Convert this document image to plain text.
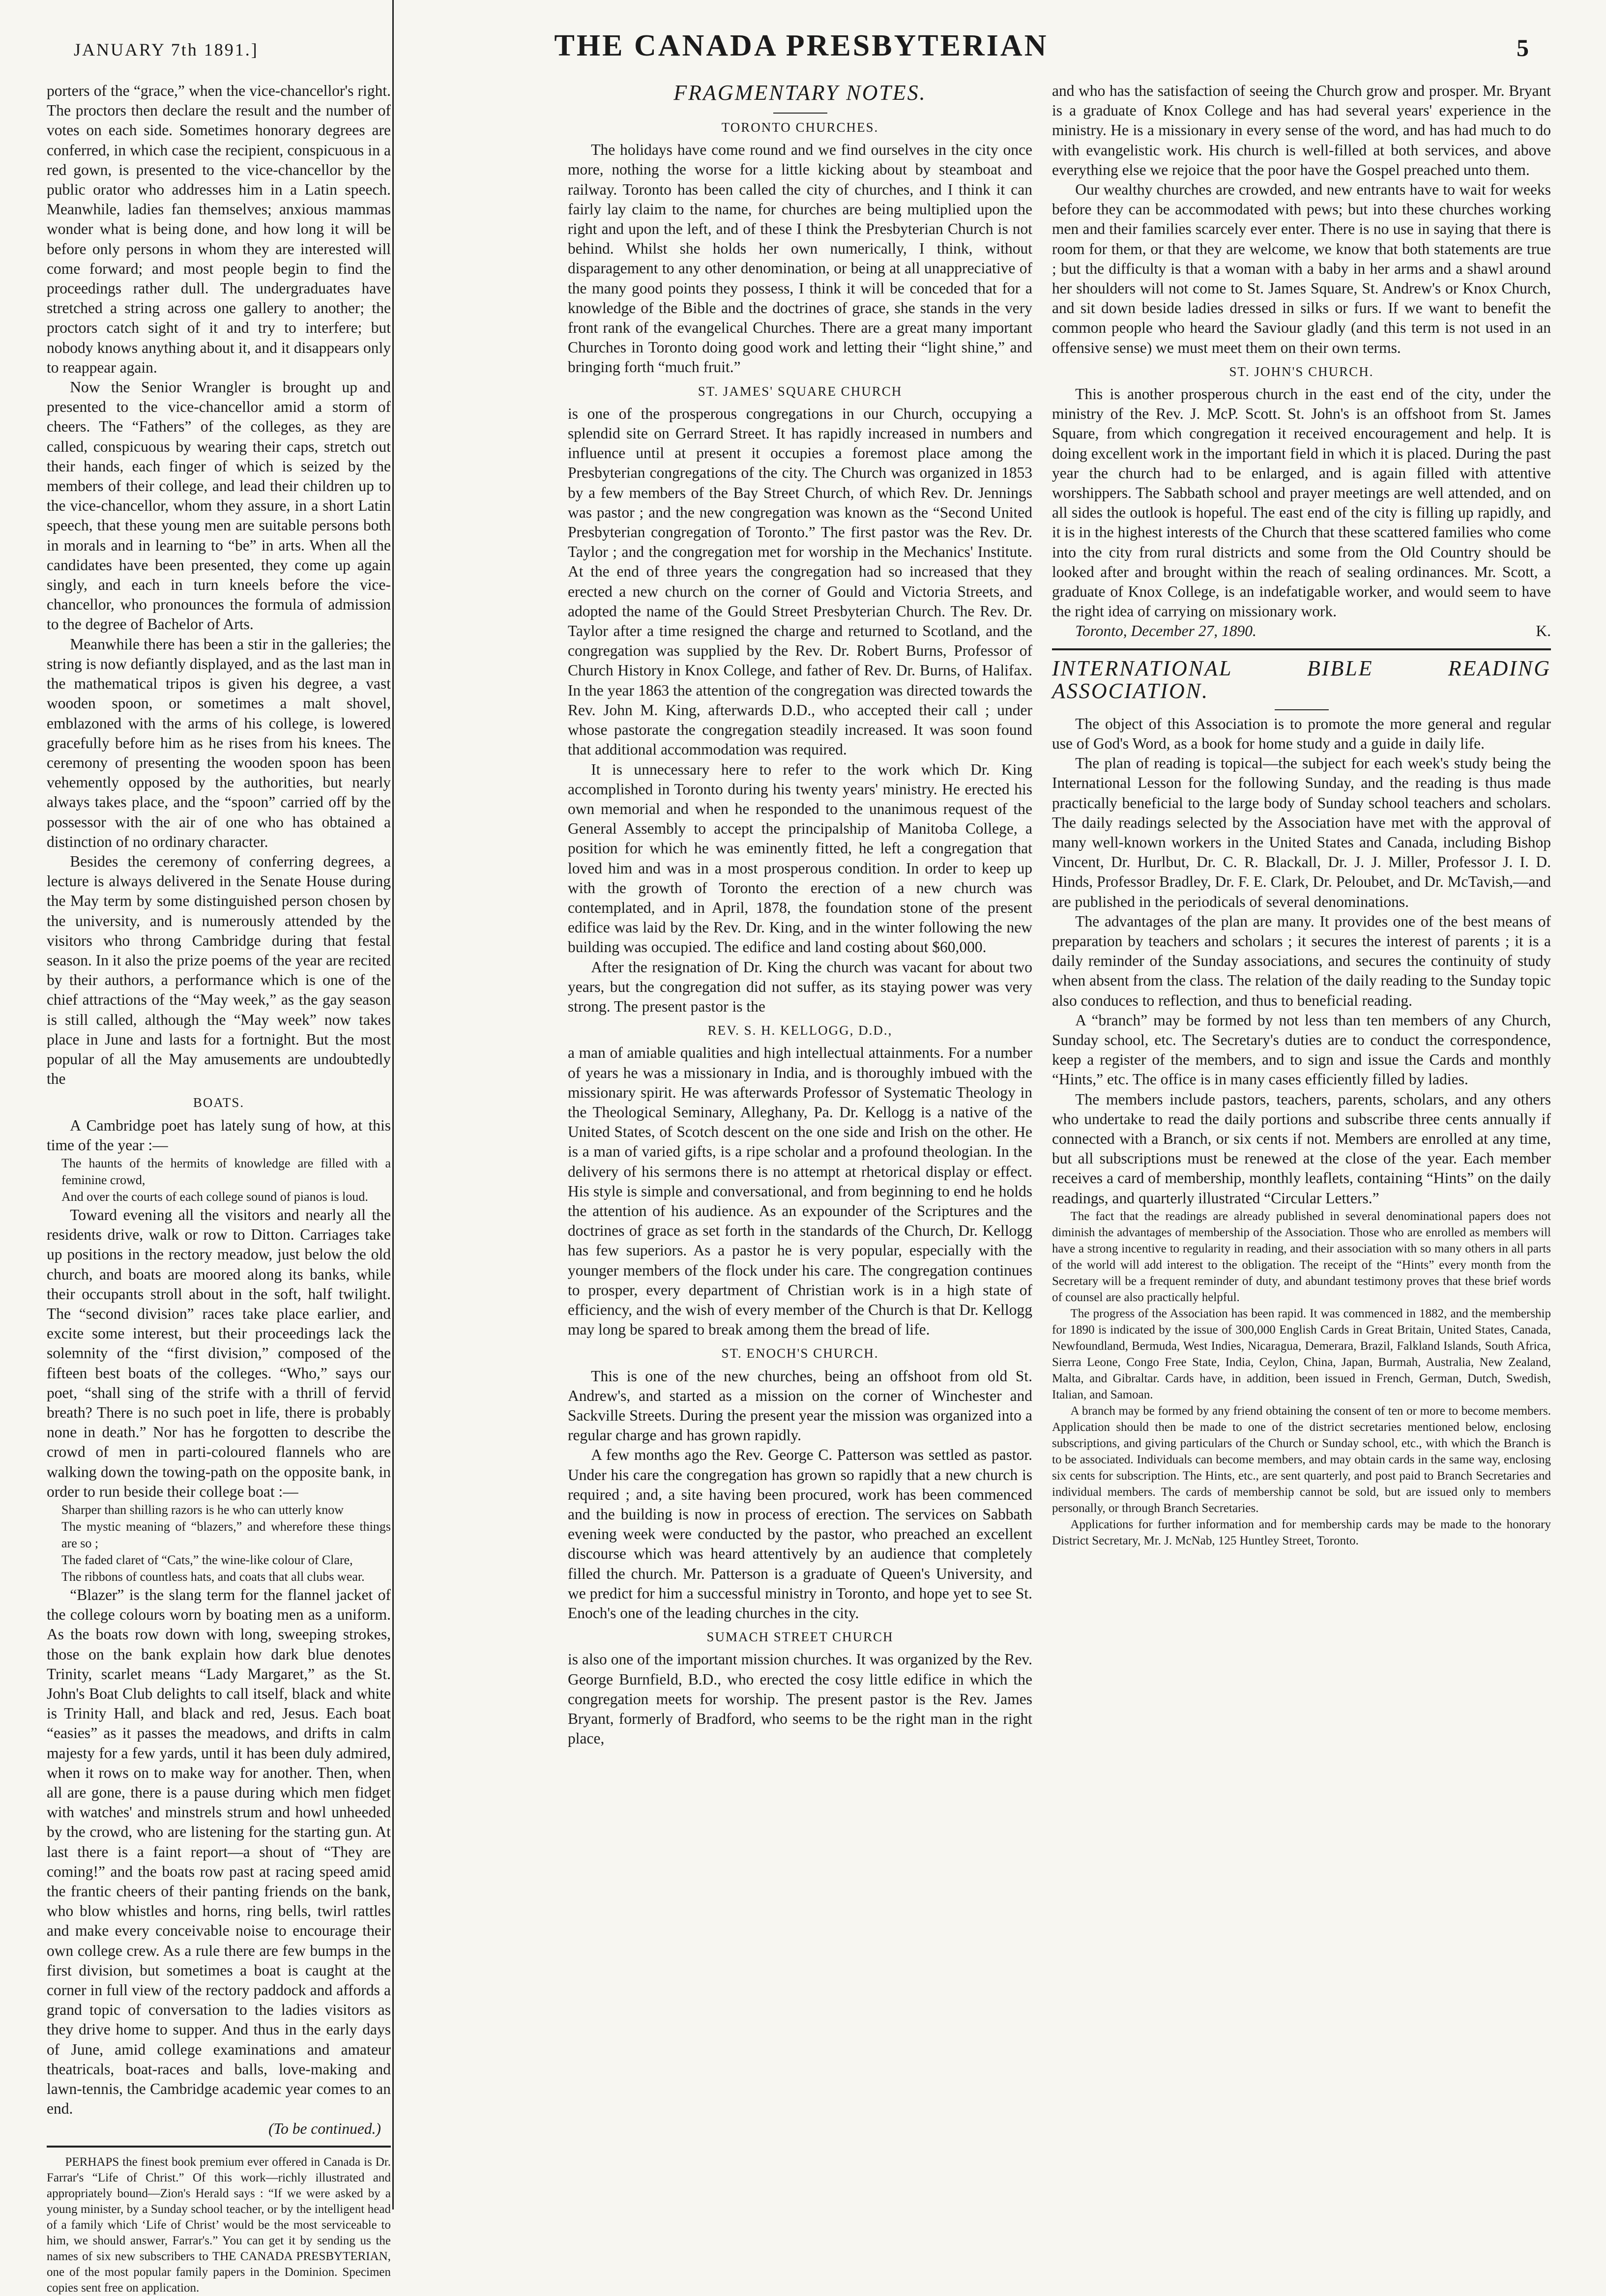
JANUARY 7th 1891.]	THE CANADA PRESBYTERIAN	5

porters of the “grace,” when the vice-chancellor's right. The proctors then declare the result and the number of votes on each side. Sometimes honorary degrees are conferred, in which case the recipient, conspicuous in a red gown, is presented to the vice-chancellor by the public orator who addresses him in a Latin speech. Meanwhile, ladies fan themselves; anxious mammas wonder what is being done, and how long it will be before only persons in whom they are interested will come forward; and most people begin to find the proceedings rather dull. The undergraduates have stretched a string across one gallery to another; the proctors catch sight of it and try to interfere; but nobody knows anything about it, and it disappears only to reappear again.

Now the Senior Wrangler is brought up and presented to the vice-chancellor amid a storm of cheers. The “Fathers” of the colleges, as they are called, conspicuous by wearing their caps, stretch out their hands, each finger of which is seized by the members of their college, and lead their children up to the vice-chancellor, whom they assure, in a short Latin speech, that these young men are suitable persons both in morals and in learning to “be” in arts. When all the candidates have been presented, they come up again singly, and each in turn kneels before the vice-chancellor, who pronounces the formula of admission to the degree of Bachelor of Arts.

Meanwhile there has been a stir in the galleries; the string is now defiantly displayed, and as the last man in the mathematical tripos is given his degree, a vast wooden spoon, or sometimes a malt shovel, emblazoned with the arms of his college, is lowered gracefully before him as he rises from his knees. The ceremony of presenting the wooden spoon has been vehemently opposed by the authorities, but nearly always takes place, and the “spoon” carried off by the possessor with the air of one who has obtained a distinction of no ordinary character.

Besides the ceremony of conferring degrees, a lecture is always delivered in the Senate House during the May term by some distinguished person chosen by the university, and is numerously attended by the visitors who throng Cambridge during that festal season. In it also the prize poems of the year are recited by their authors, a performance which is one of the chief attractions of the “May week,” as the gay season is still called, although the “May week” now takes place in June and lasts for a fortnight. But the most popular of all the May amusements are undoubtedly the

BOATS.

A Cambridge poet has lately sung of how, at this time of the year :—

The haunts of the hermits of knowledge are filled with a feminine crowd,

And over the courts of each college sound of pianos is loud.

Toward evening all the visitors and nearly all the residents drive, walk or row to Ditton. Carriages take up positions in the rectory meadow, just below the old church, and boats are moored along its banks, while their occupants stroll about in the soft, half twilight. The “second division” races take place earlier, and excite some interest, but their proceedings lack the solemnity of the “first division,” composed of the fifteen best boats of the colleges. “Who,” says our poet, “shall sing of the strife with a thrill of fervid breath? There is no such poet in life, there is probably none in death.” Nor has he forgotten to describe the crowd of men in parti-coloured flannels who are walking down the towing-path on the opposite bank, in order to run beside their college boat :—

Sharper than shilling razors is he who can utterly know

The mystic meaning of “blazers,” and wherefore these things are so ;

The faded claret of “Cats,” the wine-like colour of Clare,

The ribbons of countless hats, and coats that all clubs wear.

“Blazer” is the slang term for the flannel jacket of the college colours worn by boating men as a uniform. As the boats row down with long, sweeping strokes, those on the bank explain how dark blue denotes Trinity, scarlet means “Lady Margaret,” as the St. John's Boat Club delights to call itself, black and white is Trinity Hall, and black and red, Jesus. Each boat “easies” as it passes the meadows, and drifts in calm majesty for a few yards, until it has been duly admired, when it rows on to make way for another. Then, when all are gone, there is a pause during which men fidget with watches' and minstrels strum and howl unheeded by the crowd, who are listening for the starting gun. At last there is a faint report—a shout of “They are coming!” and the boats row past at racing speed amid the frantic cheers of their panting friends on the bank, who blow whistles and horns, ring bells, twirl rattles and make every conceivable noise to encourage their own college crew. As a rule there are few bumps in the first division, but sometimes a boat is caught at the corner in full view of the rectory paddock and affords a grand topic of conversation to the ladies visitors as they drive home to supper. And thus in the early days of June, amid college examinations and amateur theatricals, boat-races and balls, love-making and lawn-tennis, the Cambridge academic year comes to an end.

(To be continued.)

PERHAPS the finest book premium ever offered in Canada is Dr. Farrar's “Life of Christ.” Of this work—richly illustrated and appropriately bound—Zion's Herald says : “If we were asked by a young minister, by a Sunday school teacher, or by the intelligent head of a family which ‘Life of Christ’ would be the most serviceable to him, we should answer, Farrar's.” You can get it by sending us the names of six new subscribers to THE CANADA PRESBYTERIAN, one of the most popular family papers in the Dominion. Specimen copies sent free on application.

FRAGMENTARY NOTES.
TORONTO CHURCHES.

The holidays have come round and we find ourselves in the city once more, nothing the worse for a little kicking about by steamboat and railway. Toronto has been called the city of churches, and I think it can fairly lay claim to the name, for churches are being multiplied upon the right and upon the left, and of these I think the Presbyterian Church is not behind. Whilst she holds her own numerically, I think, without disparagement to any other denomination, or being at all unappreciative of the many good points they possess, I think it will be conceded that for a knowledge of the Bible and the doctrines of grace, she stands in the very front rank of the evangelical Churches. There are a great many important Churches in Toronto doing good work and letting their “light shine,” and bringing forth “much fruit.”

ST. JAMES' SQUARE CHURCH

is one of the prosperous congregations in our Church, occupying a splendid site on Gerrard Street. It has rapidly increased in numbers and influence until at present it occupies a foremost place among the Presbyterian congregations of the city. The Church was organized in 1853 by a few members of the Bay Street Church, of which Rev. Dr. Jennings was pastor ; and the new congregation was known as the “Second United Presbyterian congregation of Toronto.” The first pastor was the Rev. Dr. Taylor ; and the congregation met for worship in the Mechanics' Institute. At the end of three years the congregation had so increased that they erected a new church on the corner of Gould and Victoria Streets, and adopted the name of the Gould Street Presbyterian Church. The Rev. Dr. Taylor after a time resigned the charge and returned to Scotland, and the congregation was supplied by the Rev. Dr. Robert Burns, Professor of Church History in Knox College, and father of Rev. Dr. Burns, of Halifax. In the year 1863 the attention of the congregation was directed towards the Rev. John M. King, afterwards D.D., who accepted their call ; under whose pastorate the congregation steadily increased. It was soon found that additional accommodation was required.

It is unnecessary here to refer to the work which Dr. King accomplished in Toronto during his twenty years' ministry. He erected his own memorial and when he responded to the unanimous request of the General Assembly to accept the principalship of Manitoba College, a position for which he was eminently fitted, he left a congregation that loved him and was in a most prosperous condition. In order to keep up with the growth of Toronto the erection of a new church was contemplated, and in April, 1878, the foundation stone of the present edifice was laid by the Rev. Dr. King, and in the winter following the new building was occupied. The edifice and land costing about $60,000.

After the resignation of Dr. King the church was vacant for about two years, but the congregation did not suffer, as its staying power was very strong. The present pastor is the

REV. S. H. KELLOGG, D.D.,

a man of amiable qualities and high intellectual attainments. For a number of years he was a missionary in India, and is thoroughly imbued with the missionary spirit. He was afterwards Professor of Systematic Theology in the Theological Seminary, Alleghany, Pa. Dr. Kellogg is a native of the United States, of Scotch descent on the one side and Irish on the other. He is a man of varied gifts, is a ripe scholar and a profound theologian. In the delivery of his sermons there is no attempt at rhetorical display or effect. His style is simple and conversational, and from beginning to end he holds the attention of his audience. As an expounder of the Scriptures and the doctrines of grace as set forth in the standards of the Church, Dr. Kellogg has few superiors. As a pastor he is very popular, especially with the younger members of the flock under his care. The congregation continues to prosper, every department of Christian work is in a high state of efficiency, and the wish of every member of the Church is that Dr. Kellogg may long be spared to break among them the bread of life.

ST. ENOCH'S CHURCH.

This is one of the new churches, being an offshoot from old St. Andrew's, and started as a mission on the corner of Winchester and Sackville Streets. During the present year the mission was organized into a regular charge and has grown rapidly.

A few months ago the Rev. George C. Patterson was settled as pastor. Under his care the congregation has grown so rapidly that a new church is required ; and, a site having been procured, work has been commenced and the building is now in process of erection. The services on Sabbath evening week were conducted by the pastor, who preached an excellent discourse which was heard attentively by an audience that completely filled the church. Mr. Patterson is a graduate of Queen's University, and we predict for him a successful ministry in Toronto, and hope yet to see St. Enoch's one of the leading churches in the city.

SUMACH STREET CHURCH

is also one of the important mission churches. It was organized by the Rev. George Burnfield, B.D., who erected the cosy little edifice in which the congregation meets for worship. The present pastor is the Rev. James Bryant, formerly of Bradford, who seems to be the right man in the right place,

and who has the satisfaction of seeing the Church grow and prosper. Mr. Bryant is a graduate of Knox College and has had several years' experience in the ministry. He is a missionary in every sense of the word, and has had much to do with evangelistic work. His church is well-filled at both services, and above everything else we rejoice that the poor have the Gospel preached unto them.

Our wealthy churches are crowded, and new entrants have to wait for weeks before they can be accommodated with pews; but into these churches working men and their families scarcely ever enter. There is no use in saying that there is room for them, or that they are welcome, we know that both statements are true ; but the difficulty is that a woman with a baby in her arms and a shawl around her shoulders will not come to St. James Square, St. Andrew's or Knox Church, and sit down beside ladies dressed in silks or furs. If we want to benefit the common people who heard the Saviour gladly (and this term is not used in an offensive sense) we must meet them on their own terms.

ST. JOHN'S CHURCH.

This is another prosperous church in the east end of the city, under the ministry of the Rev. J. McP. Scott. St. John's is an offshoot from St. James Square, from which congregation it received encouragement and help. It is doing excellent work in the important field in which it is placed. During the past year the church had to be enlarged, and is again filled with attentive worshippers. The Sabbath school and prayer meetings are well attended, and on all sides the outlook is hopeful. The east end of the city is filling up rapidly, and it is in the highest interests of the Church that these scattered families who come into the city from rural districts and some from the Old Country should be looked after and brought within the reach of sealing ordinances. Mr. Scott, a graduate of Knox College, is an indefatigable worker, and would seem to have the right idea of carrying on missionary work.

K.
Toronto, December 27, 1890.

INTERNATIONAL BIBLE READING ASSOCIATION.

The object of this Association is to promote the more general and regular use of God's Word, as a book for home study and a guide in daily life.

The plan of reading is topical—the subject for each week's study being the International Lesson for the following Sunday, and the reading is thus made practically beneficial to the large body of Sunday school teachers and scholars. The daily readings selected by the Association have met with the approval of many well-known workers in the United States and Canada, including Bishop Vincent, Dr. Hurlbut, Dr. C. R. Blackall, Dr. J. J. Miller, Professor J. I. D. Hinds, Professor Bradley, Dr. F. E. Clark, Dr. Peloubet, and Dr. McTavish,—and are published in the periodicals of several denominations.

The advantages of the plan are many. It provides one of the best means of preparation by teachers and scholars ; it secures the interest of parents ; it is a daily reminder of the Sunday associations, and secures the continuity of study when absent from the class. The relation of the daily reading to the Sunday topic also conduces to reflection, and thus to beneficial reading.

A “branch” may be formed by not less than ten members of any Church, Sunday school, etc. The Secretary's duties are to conduct the correspondence, keep a register of the members, and to sign and issue the Cards and monthly “Hints,” etc. The office is in many cases efficiently filled by ladies.

The members include pastors, teachers, parents, scholars, and any others who undertake to read the daily portions and subscribe three cents annually if connected with a Branch, or six cents if not. Members are enrolled at any time, but all subscriptions must be renewed at the close of the year. Each member receives a card of membership, monthly leaflets, containing “Hints” on the daily readings, and quarterly illustrated “Circular Letters.”

The fact that the readings are already published in several denominational papers does not diminish the advantages of membership of the Association. Those who are enrolled as members will have a strong incentive to regularity in reading, and their association with so many others in all parts of the world will add interest to the obligation. The receipt of the “Hints” every month from the Secretary will be a frequent reminder of duty, and abundant testimony proves that these brief words of counsel are also practically helpful.

The progress of the Association has been rapid. It was commenced in 1882, and the membership for 1890 is indicated by the issue of 300,000 English Cards in Great Britain, United States, Canada, Newfoundland, Bermuda, West Indies, Nicaragua, Demerara, Brazil, Falkland Islands, South Africa, Sierra Leone, Congo Free State, India, Ceylon, China, Japan, Burmah, Australia, New Zealand, Malta, and Gibraltar. Cards have, in addition, been issued in French, German, Dutch, Swedish, Italian, and Samoan.

A branch may be formed by any friend obtaining the consent of ten or more to become members. Application should then be made to one of the district secretaries mentioned below, enclosing subscriptions, and giving particulars of the Church or Sunday school, etc., with which the Branch is to be associated. Individuals can become members, and may obtain cards in the same way, enclosing six cents for subscription. The Hints, etc., are sent quarterly, and post paid to Branch Secretaries and individual members. The cards of membership cannot be sold, but are issued only to members personally, or through Branch Secretaries.

Applications for further information and for membership cards may be made to the honorary District Secretary, Mr. J. McNab, 125 Huntley Street, Toronto.
